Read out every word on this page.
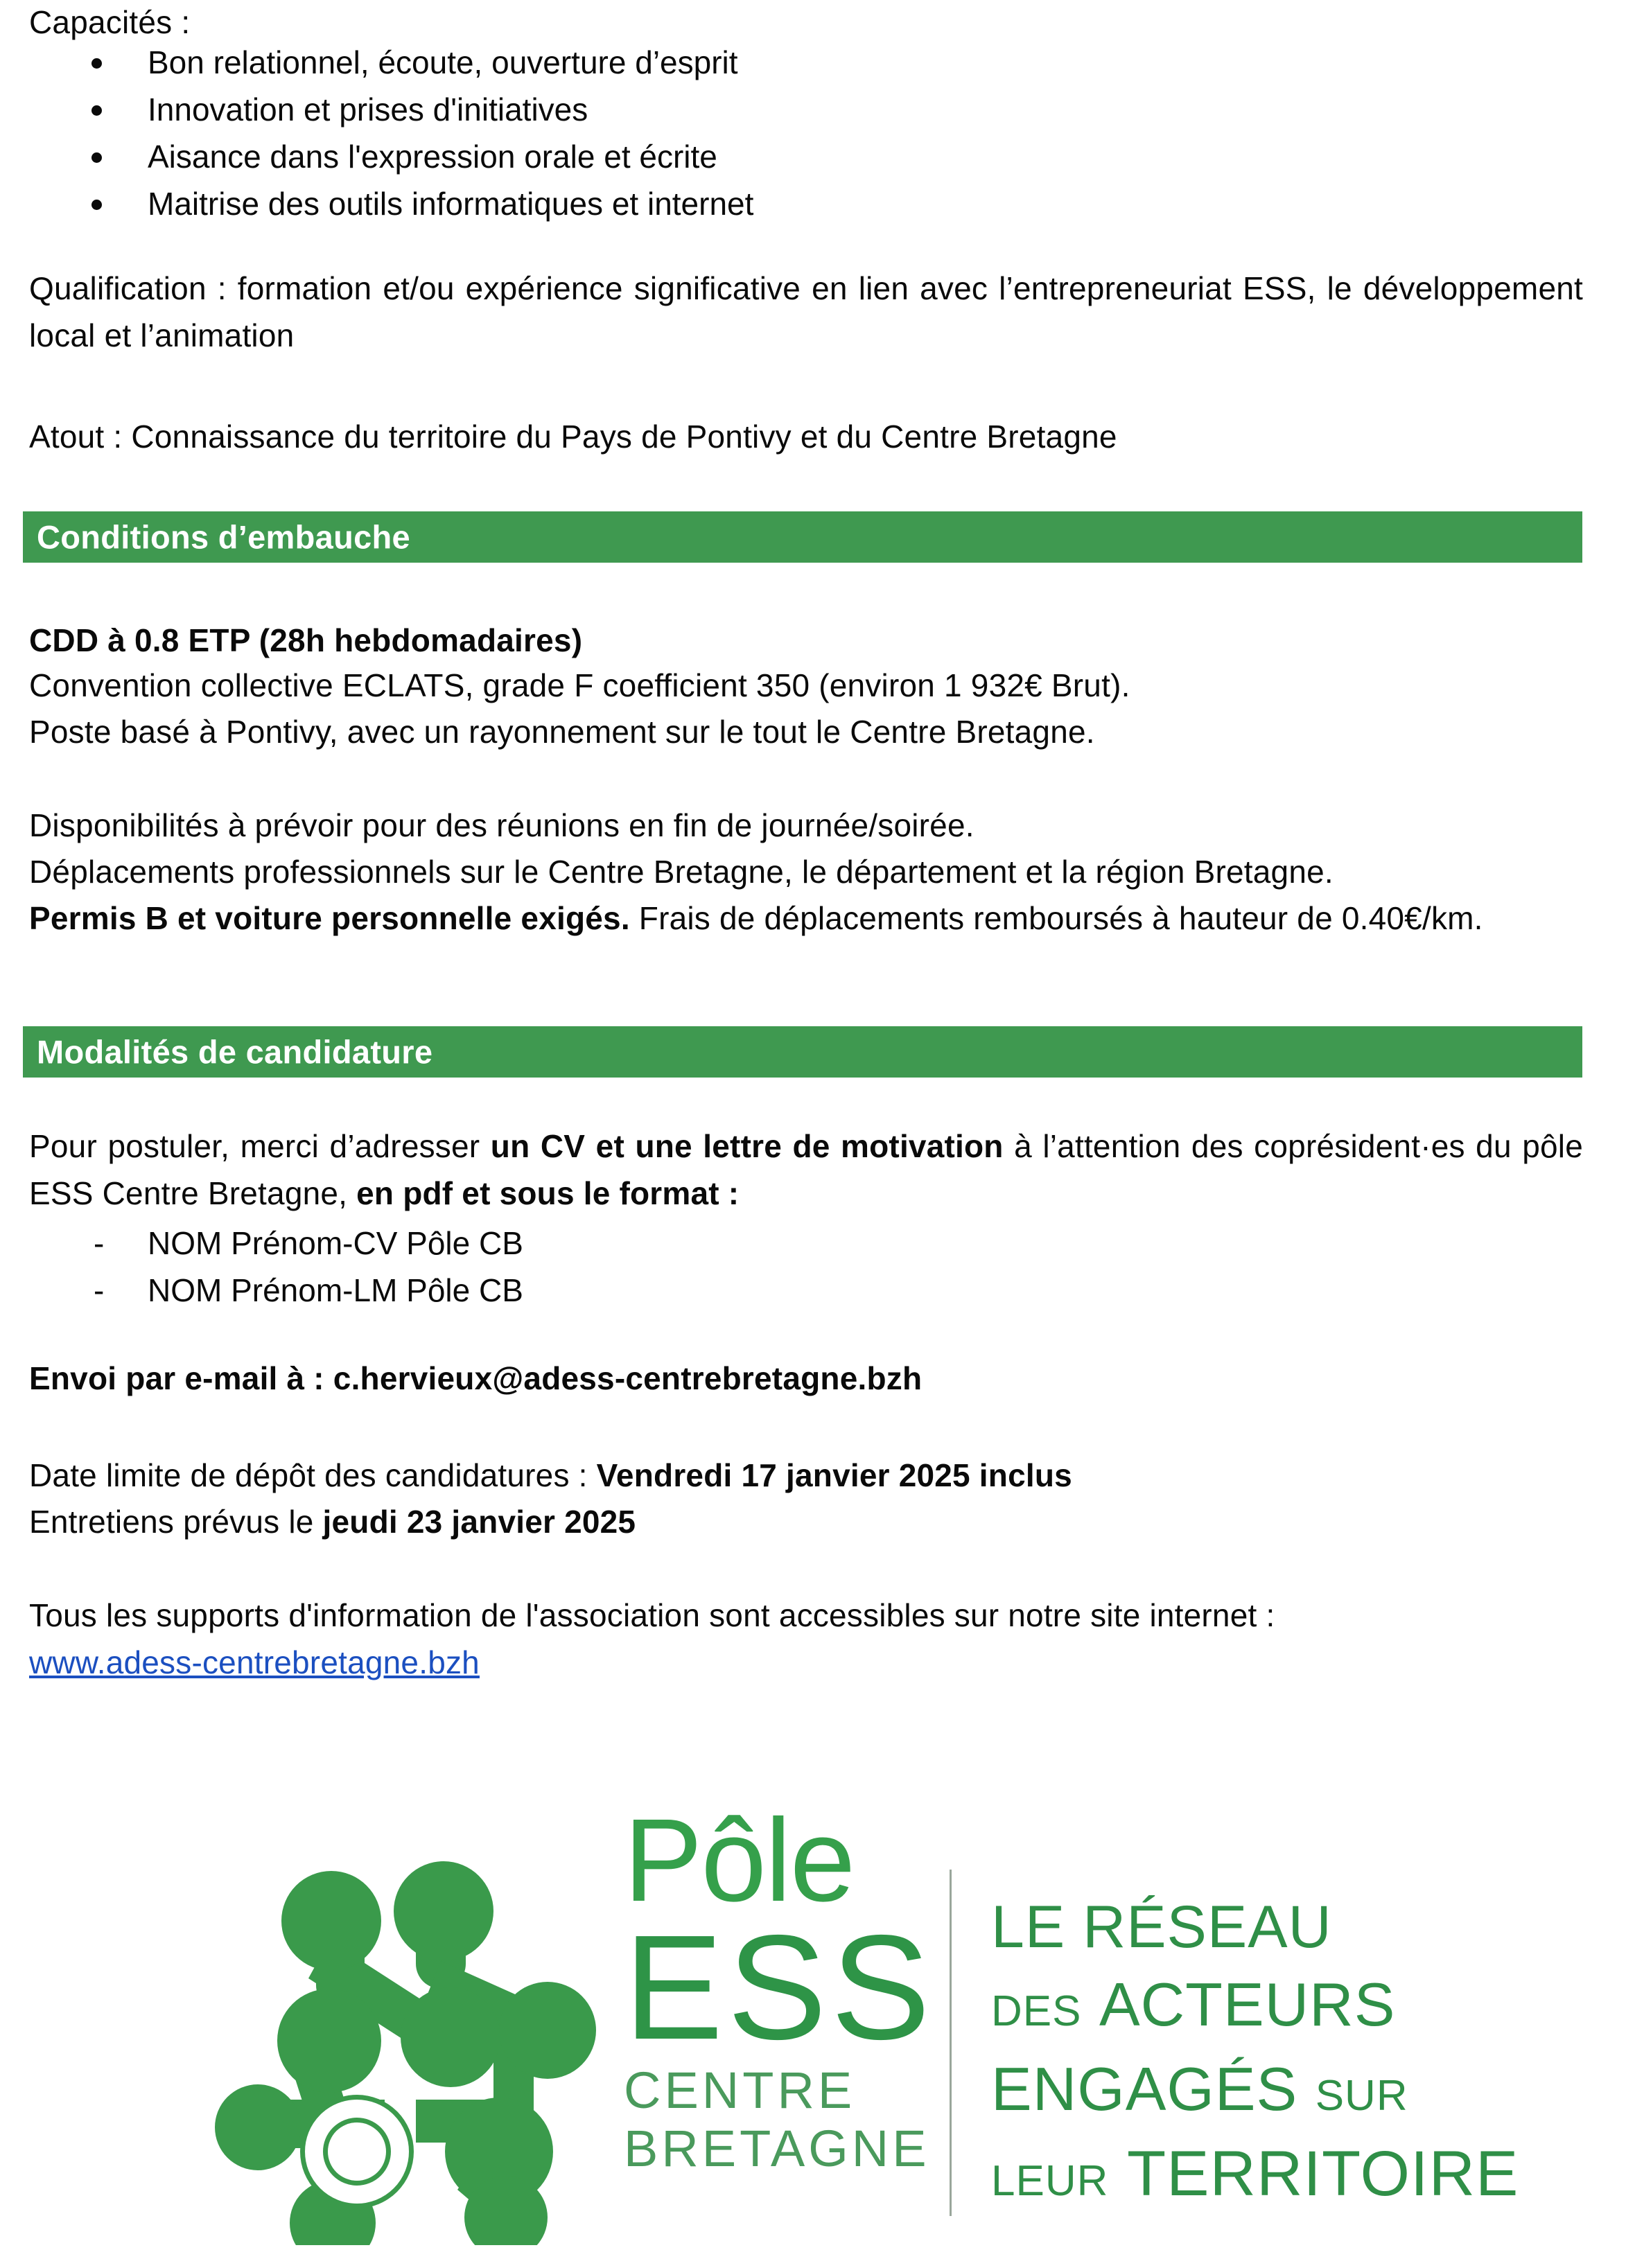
Capacités :
Bon relationnel, écoute, ouverture d’esprit
Innovation et prises d'initiatives
Aisance dans l'expression orale et écrite
Maitrise des outils informatiques et internet
Qualification : formation et/ou expérience significative en lien avec l’entrepreneuriat ESS, le développement local et l’animation
Atout : Connaissance du territoire du Pays de Pontivy et du Centre Bretagne
Conditions d’embauche
CDD à 0.8 ETP (28h hebdomadaires)
Convention collective ECLATS, grade F coefficient 350 (environ 1 932€ Brut).
Poste basé à Pontivy, avec un rayonnement sur le tout le Centre Bretagne.
Disponibilités à prévoir pour des réunions en fin de journée/soirée.
Déplacements professionnels sur le Centre Bretagne, le département et la région Bretagne.
Permis B et voiture personnelle exigés. Frais de déplacements remboursés à hauteur de 0.40€/km.
Modalités de candidature
Pour postuler, merci d’adresser un CV et une lettre de motivation à l’attention des coprésident·es du pôle ESS Centre Bretagne, en pdf et sous le format :
- NOM Prénom-CV Pôle CB
- NOM Prénom-LM Pôle CB
Envoi par e-mail à : c.hervieux@adess-centrebretagne.bzh
Date limite de dépôt des candidatures : Vendredi 17 janvier 2025 inclus
Entretiens prévus le jeudi 23 janvier 2025
Tous les supports d'information de l'association sont accessibles sur notre site internet :
www.adess-centrebretagne.bzh
Pôle
ESS
CENTRE
BRETAGNE
LE RÉSEAU
DES ACTEURS
ENGAGÉS SUR
LEUR TERRITOIRE
